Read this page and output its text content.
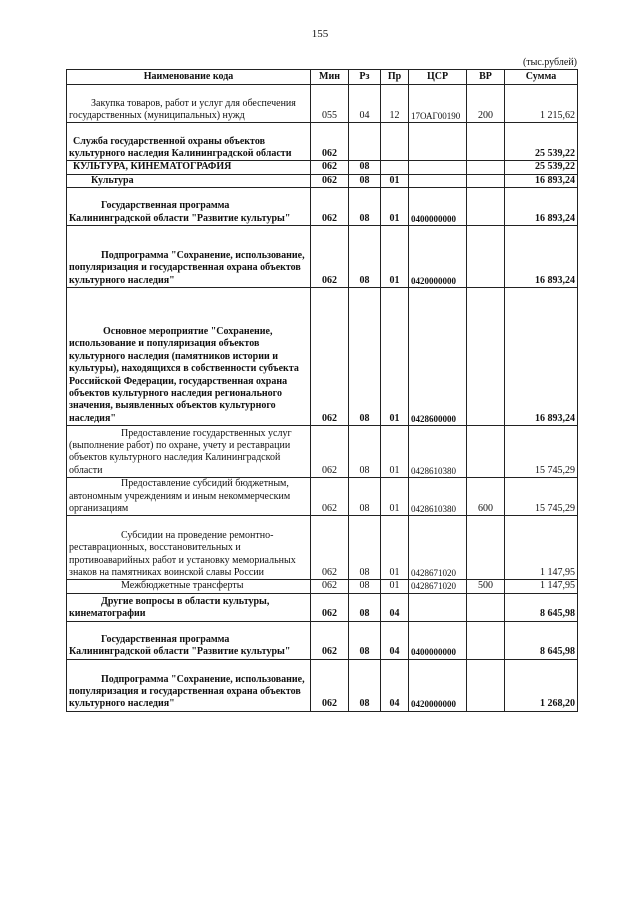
155
(тыс.рублей)
Наименование кода	Мин	Рз	Пр	ЦСР	ВР	Сумма
Закупка товаров, работ и услуг для обеспечения государственных (муниципальных) нужд	055	04	12	17ОАГ00190	200	1 215,62
Служба государственной охраны объектов культурного наследия Калининградской области	062					25 539,22
КУЛЬТУРА, КИНЕМАТОГРАФИЯ	062	08				25 539,22
Культура	062	08	01			16 893,24
Государственная программа Калининградской области "Развитие культуры"	062	08	01	0400000000		16 893,24
Подпрограмма "Сохранение, использование, популяризация и государственная охрана объектов культурного наследия"	062	08	01	0420000000		16 893,24
Основное мероприятие "Сохранение, использование и популяризация объектов культурного наследия (памятников истории и культуры), находящихся в собственности субъекта Российской Федерации, государственная охрана объектов культурного наследия регионального значения, выявленных объектов культурного наследия"	062	08	01	0428600000		16 893,24
Предоставление государственных услуг (выполнение работ) по охране, учету и реставрации объектов культурного наследия Калининградской области	062	08	01	0428610380		15 745,29
Предоставление субсидий бюджетным, автономным учреждениям и иным некоммерческим организациям	062	08	01	0428610380	600	15 745,29
Субсидии на проведение ремонтно-реставрационных, восстановительных и противоаварийных работ и установку мемориальных знаков на памятниках воинской славы России	062	08	01	0428671020		1 147,95
Межбюджетные трансферты	062	08	01	0428671020	500	1 147,95
Другие вопросы в области культуры, кинематографии	062	08	04			8 645,98
Государственная программа Калининградской области "Развитие культуры"	062	08	04	0400000000		8 645,98
Подпрограмма "Сохранение, использование, популяризация и государственная охрана объектов культурного наследия"	062	08	04	0420000000		1 268,20
